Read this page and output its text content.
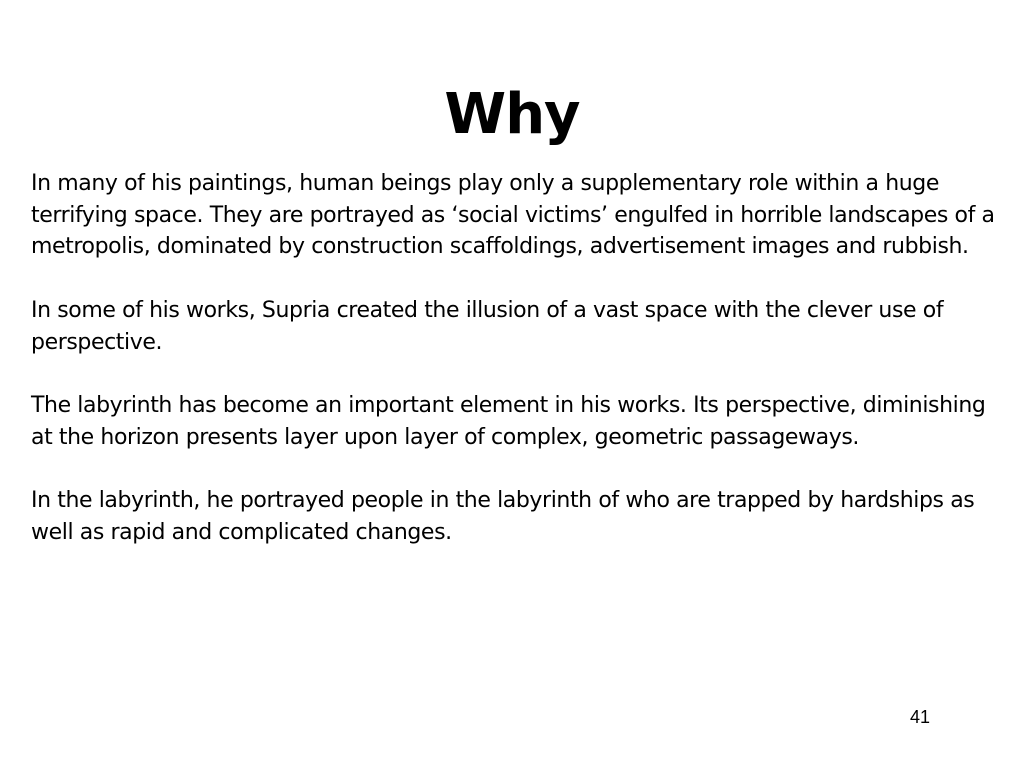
Why

In many of his paintings, human beings play only a supplementary role within a huge terrifying space. They are portrayed as ‘social victims’ engulfed in horrible landscapes of a metropolis, dominated by construction scaffoldings, advertisement images and rubbish.

In some of his works, Supria created the illusion of a vast space with the clever use of perspective.

The labyrinth has become an important element in his works. Its perspective, diminishing at the horizon presents layer upon layer of complex, geometric passageways.

In the labyrinth, he portrayed people in the labyrinth of who are trapped by hardships as well as rapid and complicated changes.

41
